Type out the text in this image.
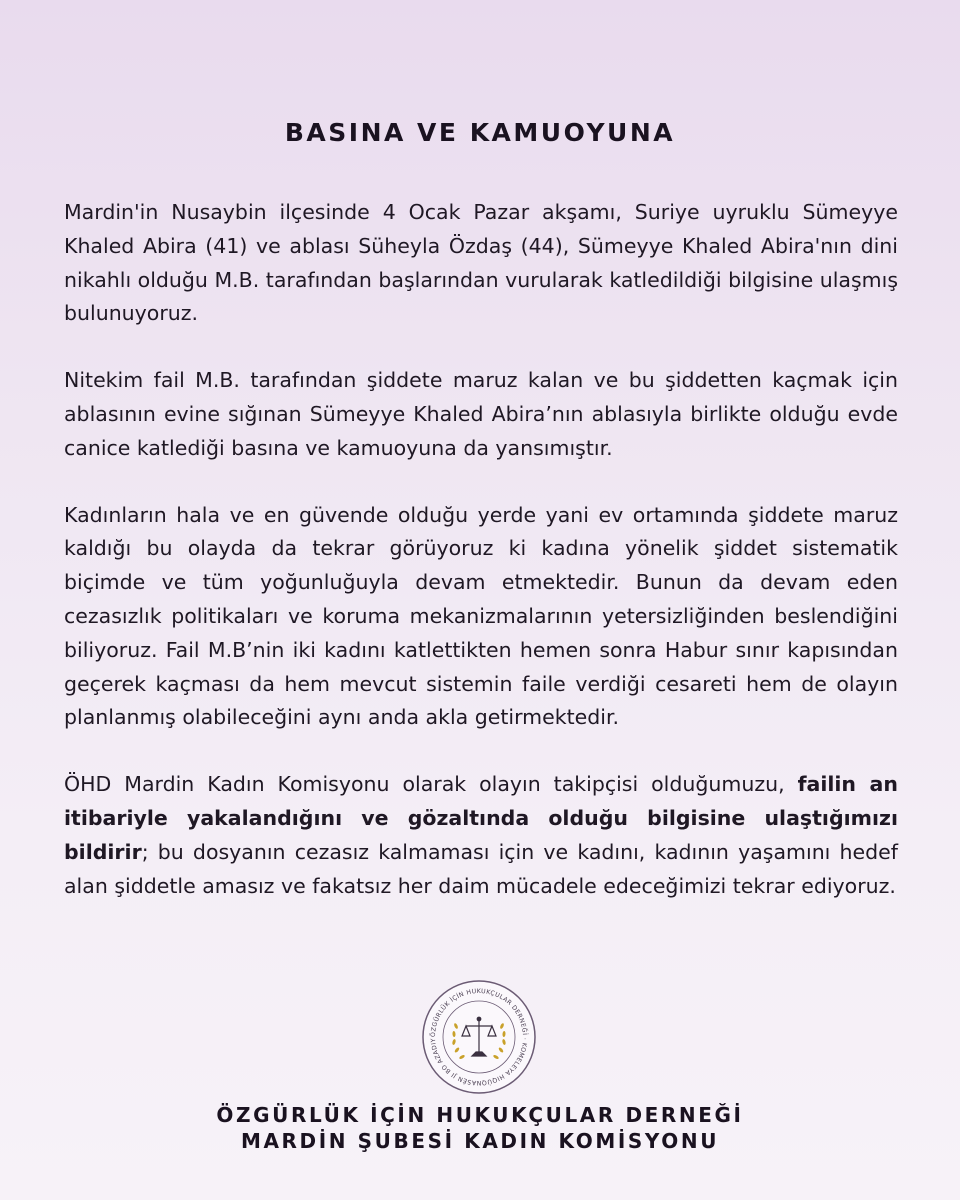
BASINA VE KAMUOYUNA

Mardin'in Nusaybin ilçesinde 4 Ocak Pazar akşamı, Suriye uyruklu Sümeyye Khaled Abira (41) ve ablası Süheyla Özdaş (44), Sümeyye Khaled Abira'nın dini nikahlı olduğu M.B. tarafından başlarından vurularak katledildiği bilgisine ulaşmış bulunuyoruz.

Nitekim fail M.B. tarafından şiddete maruz kalan ve bu şiddetten kaçmak için ablasının evine sığınan Sümeyye Khaled Abira’nın ablasıyla birlikte olduğu evde canice katlediği basına ve kamuoyuna da yansımıştır.

Kadınların hala ve en güvende olduğu yerde yani ev ortamında şiddete maruz kaldığı bu olayda da tekrar görüyoruz ki kadına yönelik şiddet sistematik biçimde ve tüm yoğunluğuyla devam etmektedir. Bunun da devam eden cezasızlık politikaları ve koruma mekanizmalarının yetersizliğinden beslendiğini biliyoruz. Fail M.B’nin iki kadını katlettikten hemen sonra Habur sınır kapısından geçerek kaçması da hem mevcut sistemin faile verdiği cesareti hem de olayın planlanmış olabileceğini aynı anda akla getirmektedir.

ÖHD Mardin Kadın Komisyonu olarak olayın takipçisi olduğumuzu, failin an itibariyle yakalandığını ve gözaltında olduğu bilgisine ulaştığımızı bildirir; bu dosyanın cezasız kalmaması için ve kadını, kadının yaşamını hedef alan şiddetle amasız ve fakatsız her daim mücadele edeceğimizi tekrar ediyoruz.

ÖZGÜRLÜK İÇİN HUKUKÇULAR DERNEĞİ · KOMELEYA HIQÛQNASÊN JI BO AZADIY
ÖZGÜRLÜK İÇİN HUKUKÇULAR DERNEĞİ
MARDİN ŞUBESİ KADIN KOMİSYONU
